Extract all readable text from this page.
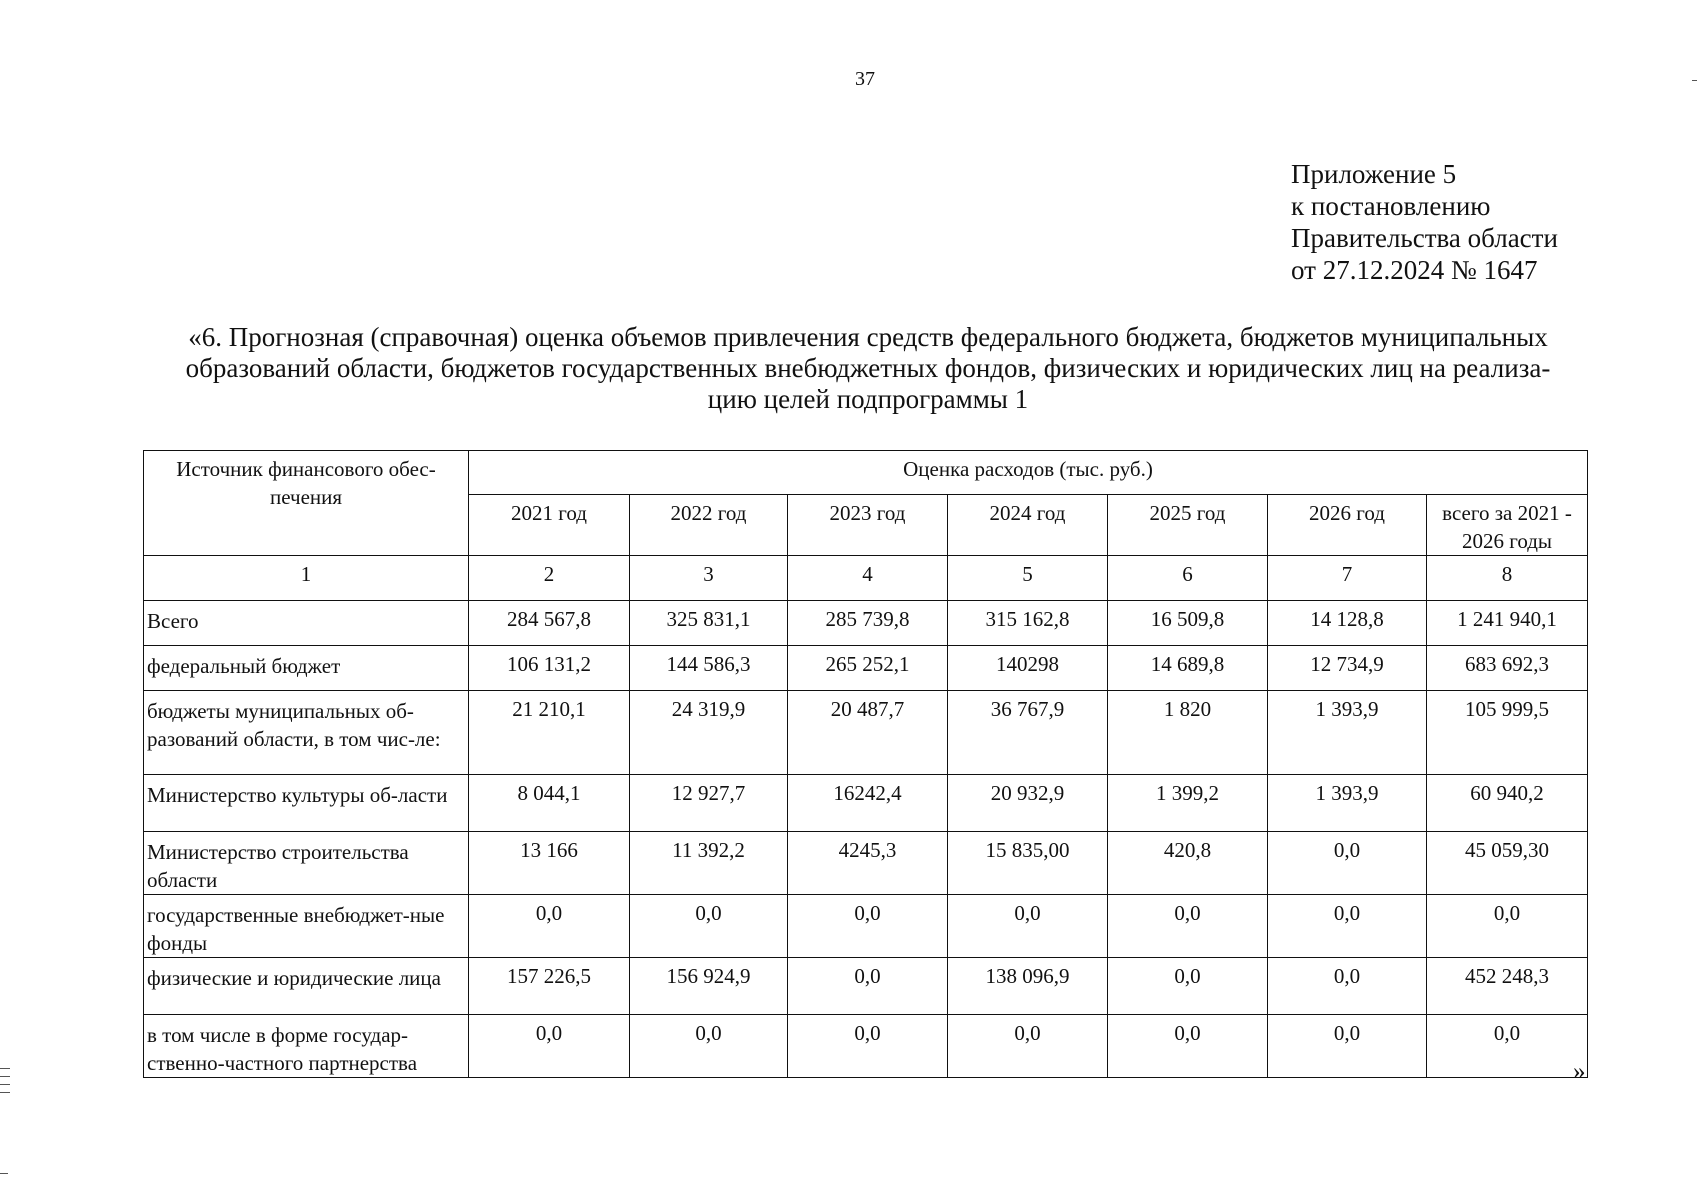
37
Приложение 5
к постановлению
Правительства области
от 27.12.2024 № 1647
«6. Прогнозная (справочная) оценка объемов привлечения средств федерального бюджета, бюджетов муниципальных
образований области, бюджетов государственных внебюджетных фондов, физических и юридических лиц на реализа-
цию целей подпрограммы 1
Источник финансового обес-печения	Оценка расходов (тыс. руб.)						
	2021 год	2022 год	2023 год	2024 год	2025 год	2026 год	всего за 2021 - 2026 годы
1	2	3	4	5	6	7	8
Всего	284 567,8	325 831,1	285 739,8	315 162,8	16 509,8	14 128,8	1 241 940,1
федеральный бюджет	106 131,2	144 586,3	265 252,1	140298	14 689,8	12 734,9	683 692,3
бюджеты муниципальных об-разований области, в том чис-ле:	21 210,1	24 319,9	20 487,7	36 767,9	1 820	1 393,9	105 999,5
Министерство культуры об-ласти	8 044,1	12 927,7	16242,4	20 932,9	1 399,2	1 393,9	60 940,2
Министерство строительства области	13 166	11 392,2	4245,3	15 835,00	420,8	0,0	45 059,30
государственные внебюджет-ные фонды	0,0	0,0	0,0	0,0	0,0	0,0	0,0
физические и юридические лица	157 226,5	156 924,9	0,0	138 096,9	0,0	0,0	452 248,3
в том числе в форме государ-ственно-частного партнерства	0,0	0,0	0,0	0,0	0,0	0,0	0,0
»
